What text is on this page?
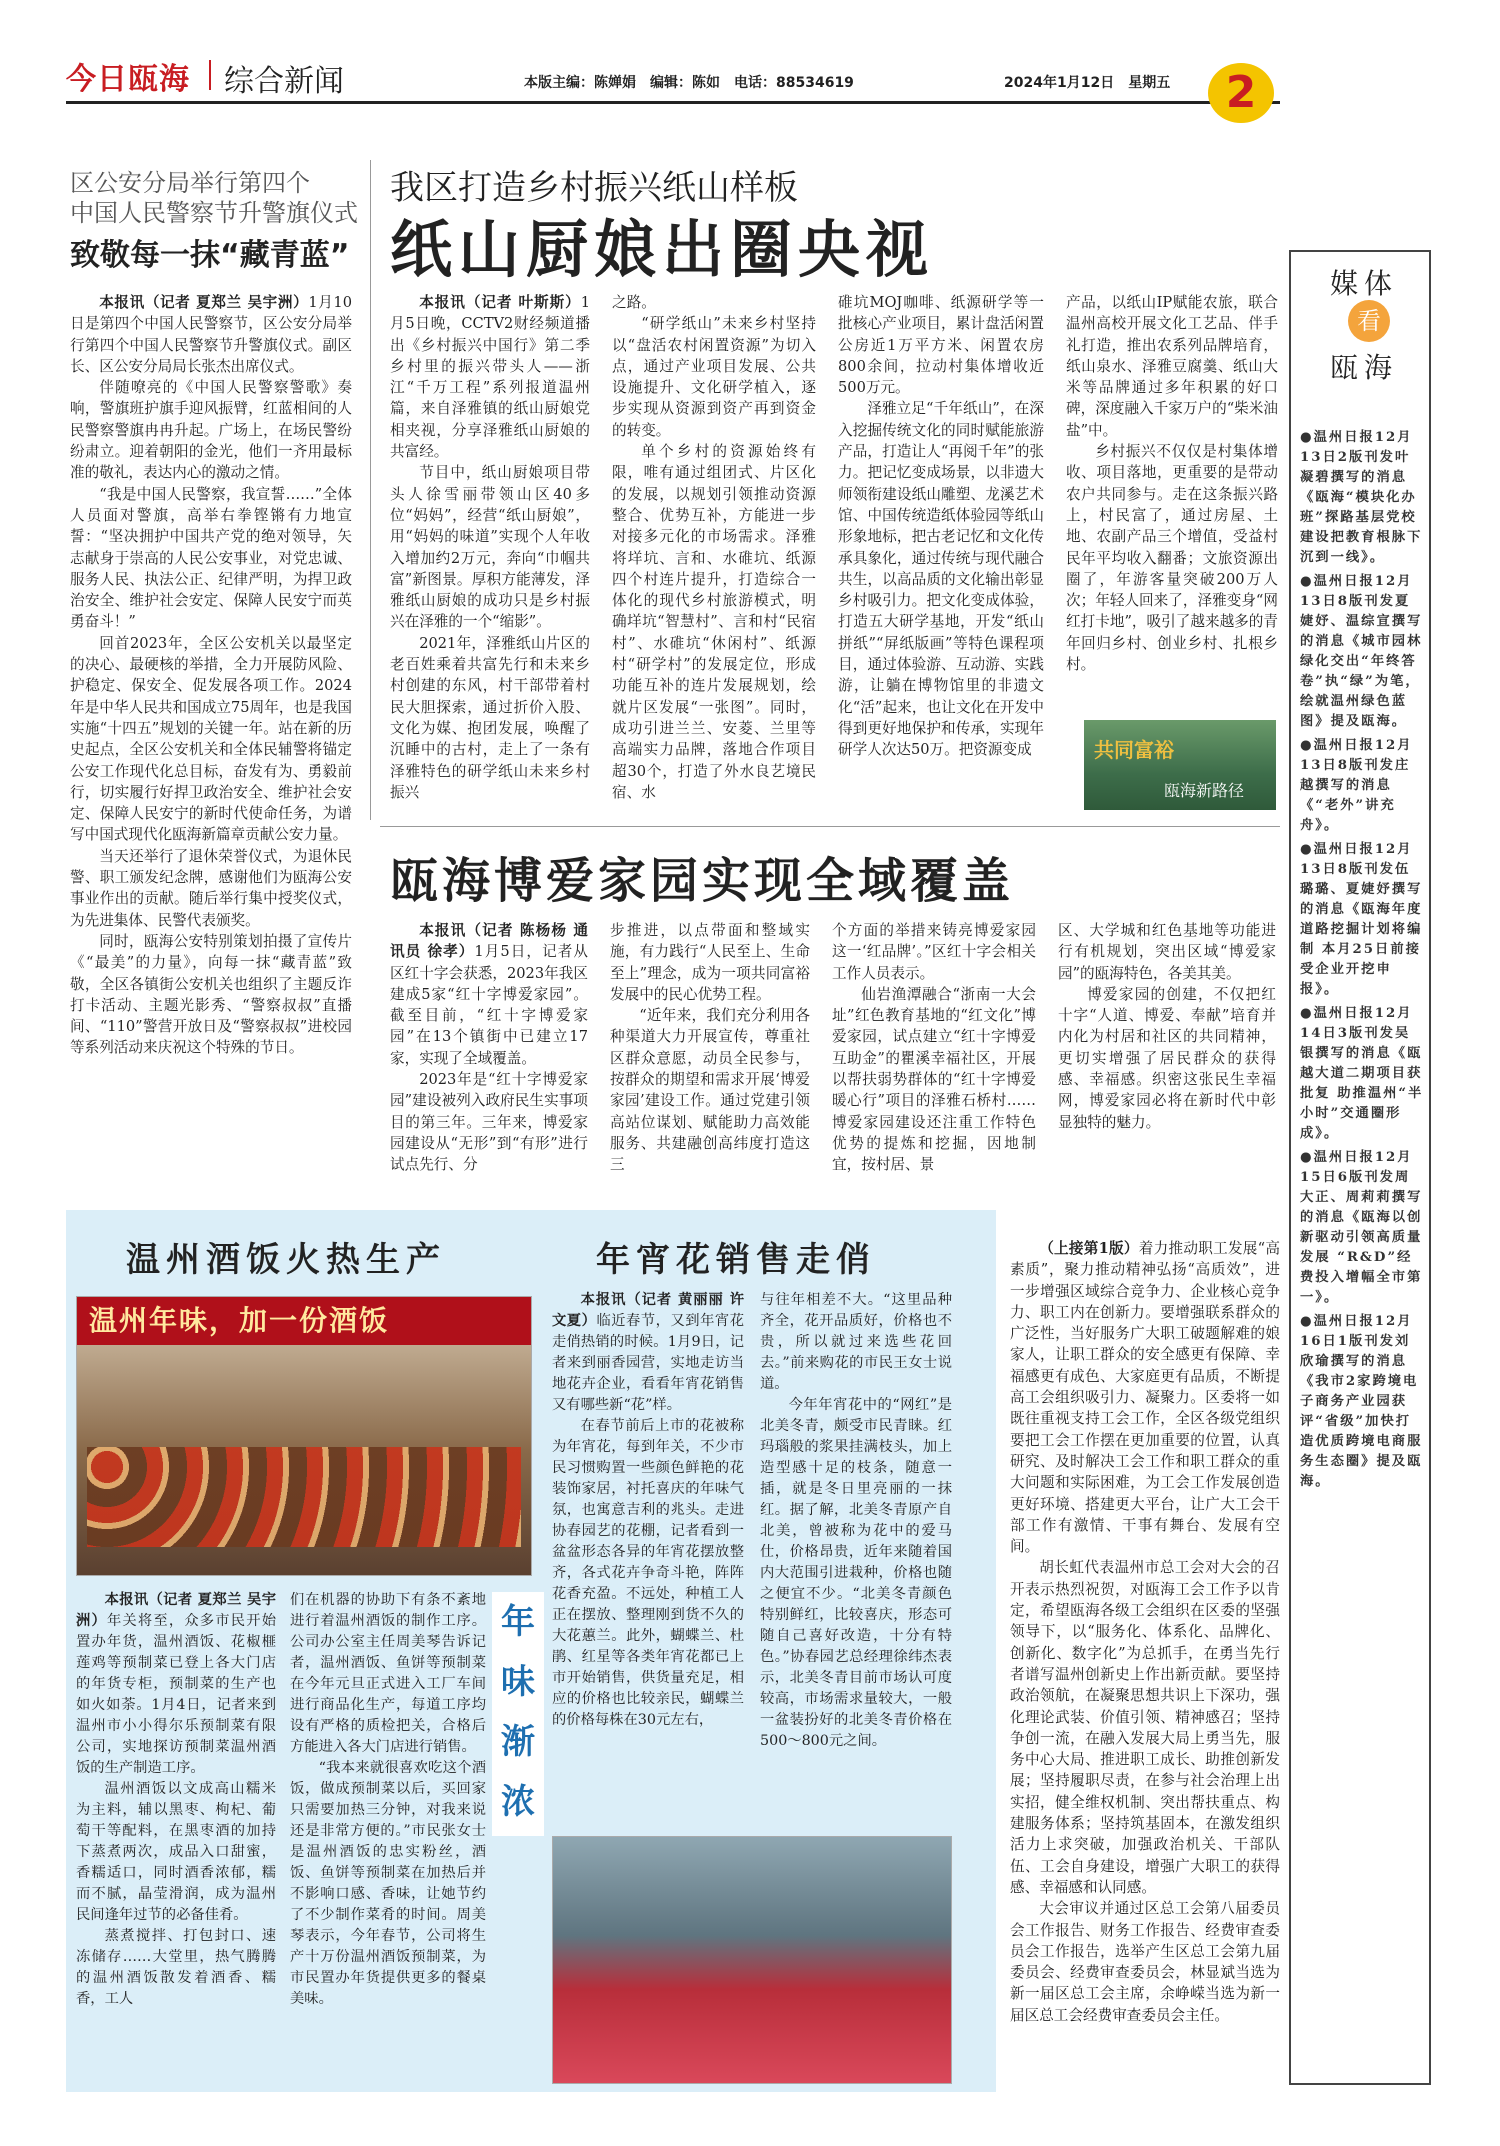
今日瓯海 综合新闻	本版主编：陈婵娟　编辑：陈如　电话：88534619	2024年1月12日　星期五	2
区公安分局举行第四个
中国人民警察节升警旗仪式
致敬每一抹“藏青蓝”

本报讯（记者 夏郑兰 吴宇洲）1月10日是第四个中国人民警察节，区公安分局举行第四个中国人民警察节升警旗仪式。副区长、区公安分局局长张杰出席仪式。

伴随嘹亮的《中国人民警察警歌》奏响，警旗班护旗手迎风振臂，红蓝相间的人民警察警旗冉冉升起。广场上，在场民警纷纷肃立。迎着朝阳的金光，他们一齐用最标准的敬礼，表达内心的激动之情。

“我是中国人民警察，我宣誓……”全体人员面对警旗，高举右拳铿锵有力地宣誓：“坚决拥护中国共产党的绝对领导，矢志献身于崇高的人民公安事业，对党忠诚、服务人民、执法公正、纪律严明，为捍卫政治安全、维护社会安定、保障人民安宁而英勇奋斗！”

回首2023年，全区公安机关以最坚定的决心、最硬核的举措，全力开展防风险、护稳定、保安全、促发展各项工作。2024年是中华人民共和国成立75周年，也是我国实施“十四五”规划的关键一年。站在新的历史起点，全区公安机关和全体民辅警将锚定公安工作现代化总目标，奋发有为、勇毅前行，切实履行好捍卫政治安全、维护社会安定、保障人民安宁的新时代使命任务，为谱写中国式现代化瓯海新篇章贡献公安力量。

当天还举行了退休荣誉仪式，为退休民警、职工颁发纪念牌，感谢他们为瓯海公安事业作出的贡献。随后举行集中授奖仪式，为先进集体、民警代表颁奖。

同时，瓯海公安特别策划拍摄了宣传片《“最美”的力量》，向每一抹“藏青蓝”致敬，全区各镇街公安机关也组织了主题反诈打卡活动、主题光影秀、“警察叔叔”直播间、“110”警营开放日及“警察叔叔”进校园等系列活动来庆祝这个特殊的节日。

我区打造乡村振兴纸山样板
纸山厨娘出圈央视

本报讯（记者 叶斯斯）1月5日晚，CCTV2财经频道播出《乡村振兴中国行》第二季乡村里的振兴带头人——浙江“千万工程”系列报道温州篇，来自泽雅镇的纸山厨娘党相夹视，分享泽雅纸山厨娘的共富经。

节目中，纸山厨娘项目带头人徐雪丽带领山区40多位“妈妈”，经营“纸山厨娘”，用“妈妈的味道”实现个人年收入增加约2万元，奔向“巾帼共富”新图景。厚积方能薄发，泽雅纸山厨娘的成功只是乡村振兴在泽雅的一个“缩影”。

2021年，泽雅纸山片区的老百姓乘着共富先行和未来乡村创建的东风，村干部带着村民大胆探索，通过折价入股、文化为媒、抱团发展，唤醒了沉睡中的古村，走上了一条有泽雅特色的研学纸山未来乡村振兴

之路。

“研学纸山”未来乡村坚持以“盘活农村闲置资源”为切入点，通过产业项目发展、公共设施提升、文化研学植入，逐步实现从资源到资产再到资金的转变。

单个乡村的资源始终有限，唯有通过组团式、片区化的发展，以规划引领推动资源整合、优势互补，方能进一步对接多元化的市场需求。泽雅将垟坑、言和、水碓坑、纸源四个村连片提升，打造综合一体化的现代乡村旅游模式，明确垟坑“智慧村”、言和村“民宿村”、水碓坑“休闲村”、纸源村“研学村”的发展定位，形成功能互补的连片发展规划，绘就片区发展“一张图”。同时，成功引进兰兰、安菱、兰里等高端实力品牌，落地合作项目超30个，打造了外水良艺境民宿、水

碓坑MOJ咖啡、纸源研学等一批核心产业项目，累计盘活闲置公房近1万平方米、闲置农房800余间，拉动村集体增收近500万元。

泽雅立足“千年纸山”，在深入挖掘传统文化的同时赋能旅游产品，打造让人“再阅千年”的张力。把记忆变成场景，以非遗大师领衔建设纸山雕塑、龙溪艺术馆、中国传统造纸体验园等纸山形象地标，把古老记忆和文化传承具象化，通过传统与现代融合共生，以高品质的文化输出彰显乡村吸引力。把文化变成体验，打造五大研学基地，开发“纸山拼纸”“屏纸版画”等特色课程项目，通过体验游、互动游、实践游，让躺在博物馆里的非遗文化“活”起来，也让文化在开发中得到更好地保护和传承，实现年研学人次达50万。把资源变成

产品，以纸山IP赋能农旅，联合温州高校开展文化工艺品、伴手礼打造，推出农系列品牌培育，纸山泉水、泽雅豆腐羹、纸山大米等品牌通过多年积累的好口碑，深度融入千家万户的“柴米油盐”中。

乡村振兴不仅仅是村集体增收、项目落地，更重要的是带动农户共同参与。走在这条振兴路上，村民富了，通过房屋、土地、农副产品三个增值，受益村民年平均收入翻番；文旅资源出圈了，年游客量突破200万人次；年轻人回来了，泽雅变身“网红打卡地”，吸引了越来越多的青年回归乡村、创业乡村、扎根乡村。

共同富裕
瓯海新路径
瓯海博爱家园实现全域覆盖

本报讯（记者 陈杨杨 通讯员 徐孝）1月5日，记者从区红十字会获悉，2023年我区建成5家“红十字博爱家园”。截至目前，“红十字博爱家园”在13个镇街中已建立17家，实现了全域覆盖。

2023年是“红十字博爱家园”建设被列入政府民生实事项目的第三年。三年来，博爱家园建设从“无形”到“有形”进行试点先行、分

步推进，以点带面和整域实施，有力践行“人民至上、生命至上”理念，成为一项共同富裕发展中的民心优势工程。

“近年来，我们充分利用各种渠道大力开展宣传，尊重社区群众意愿，动员全民参与，按群众的期望和需求开展‘博爱家园’建设工作。通过党建引领高站位谋划、赋能助力高效能服务、共建融创高纬度打造这三

个方面的举措来铸亮博爱家园这一‘红品牌’。”区红十字会相关工作人员表示。

仙岩渔潭融合“浙南一大会址”红色教育基地的“红文化”博爱家园，试点建立“红十字博爱互助金”的瞿溪幸福社区，开展以帮扶弱势群体的“红十字博爱暖心行”项目的泽雅石桥村……博爱家园建设还注重工作特色优势的提炼和挖掘，因地制宜，按村居、景

区、大学城和红色基地等功能进行有机规划，突出区域“博爱家园”的瓯海特色，各美其美。

博爱家园的创建，不仅把红十字“人道、博爱、奉献”培育并内化为村居和社区的共同精神，更切实增强了居民群众的获得感、幸福感。织密这张民生幸福网，博爱家园必将在新时代中彰显独特的魅力。

媒体
看
瓯海
●温州日报12月13日2版刊发叶凝碧撰写的消息《瓯海“模块化办班”探路基层党校建设把教育根脉下沉到一线》。
●温州日报12月13日8版刊发夏婕妤、温综宣撰写的消息《城市园林绿化交出“年终答卷”执“绿”为笔，绘就温州绿色蓝图》提及瓯海。
●温州日报12月13日8版刊发庄越撰写的消息《“老外”讲充舟》。
●温州日报12月13日8版刊发伍璐璐、夏婕妤撰写的消息《瓯海年度道路挖掘计划将编制 本月25日前接受企业开挖申报》。
●温州日报12月14日3版刊发吴银撰写的消息《瓯越大道二期项目获批复 助推温州“半小时”交通圈形成》。
●温州日报12月15日6版刊发周大正、周莉莉撰写的消息《瓯海以创新驱动引领高质量发展 “R&D”经费投入增幅全市第一》。
●温州日报12月16日1版刊发刘欣瑜撰写的消息《我市2家跨境电子商务产业园获评“省级”加快打造优质跨境电商服务生态圈》提及瓯海。
温州酒饭火热生产	年宵花销售走俏
温州年味，加一份酒饭

本报讯（记者 夏郑兰 吴宇洲）年关将至，众多市民开始置办年货，温州酒饭、花椒榧莲鸡等预制菜已登上各大门店的年货专柜，预制菜的生产也如火如荼。1月4日，记者来到温州市小小得尔乐预制菜有限公司，实地探访预制菜温州酒饭的生产制造工序。

温州酒饭以文成高山糯米为主料，辅以黑枣、枸杞、葡萄干等配料，在黑枣酒的加持下蒸煮两次，成品入口甜蜜，香糯适口，同时酒香浓郁，糯而不腻，晶莹滑润，成为温州民间逢年过节的必备佳肴。

蒸煮搅拌、打包封口、速冻储存……大堂里，热气腾腾的温州酒饭散发着酒香、糯香，工人

们在机器的协助下有条不紊地进行着温州酒饭的制作工序。公司办公室主任周美琴告诉记者，温州酒饭、鱼饼等预制菜在今年元旦正式进入工厂车间进行商品化生产，每道工序均设有严格的质检把关，合格后方能进入各大门店进行销售。

“我本来就很喜欢吃这个酒饭，做成预制菜以后，买回家只需要加热三分钟，对我来说还是非常方便的。”市民张女士是温州酒饭的忠实粉丝，酒饭、鱼饼等预制菜在加热后并不影响口感、香味，让她节约了不少制作菜肴的时间。周美琴表示，今年春节，公司将生产十万份温州酒饭预制菜，为市民置办年货提供更多的餐桌美味。

年
味
渐
浓

本报讯（记者 黄丽丽 许文夏）临近春节，又到年宵花走俏热销的时候。1月9日，记者来到丽香园营，实地走访当地花卉企业，看看年宵花销售又有哪些新“花”样。

在春节前后上市的花被称为年宵花，每到年关，不少市民习惯购置一些颜色鲜艳的花装饰家居，衬托喜庆的年味气氛，也寓意吉利的兆头。走进协春园艺的花棚，记者看到一盆盆形态各异的年宵花摆放整齐，各式花卉争奇斗艳，阵阵花香充盈。不远处，种植工人正在摆放、整理刚到货不久的大花蕙兰。此外，蝴蝶兰、杜鹃、红星等各类年宵花都已上市开始销售，供货量充足，相应的价格也比较亲民，蝴蝶兰的价格每株在30元左右，

与往年相差不大。“这里品种齐全，花开品质好，价格也不贵，所以就过来选些花回去。”前来购花的市民王女士说道。

今年年宵花中的“网红”是北美冬青，颇受市民青睐。红玛瑙般的浆果挂满枝头，加上造型感十足的枝条，随意一插，就是冬日里亮丽的一抹红。据了解，北美冬青原产自北美，曾被称为花中的爱马仕，价格昂贵，近年来随着国内大范围引进栽种，价格也随之便宜不少。“北美冬青颜色特别鲜红，比较喜庆，形态可随自己喜好改造，十分有特色。”协春园艺总经理徐纬杰表示，北美冬青目前市场认可度较高，市场需求量较大，一般一盆装扮好的北美冬青价格在500～800元之间。

（上接第1版）着力推动职工发展“高素质”，聚力推动精神弘扬“高质效”，进一步增强区域综合竞争力、企业核心竞争力、职工内在创新力。要增强联系群众的广泛性，当好服务广大职工破题解难的娘家人，让职工群众的安全感更有保障、幸福感更有成色、大家庭更有品质，不断提高工会组织吸引力、凝聚力。区委将一如既往重视支持工会工作，全区各级党组织要把工会工作摆在更加重要的位置，认真研究、及时解决工会工作和职工群众的重大问题和实际困难，为工会工作发展创造更好环境、搭建更大平台，让广大工会干部工作有激情、干事有舞台、发展有空间。

胡长虹代表温州市总工会对大会的召开表示热烈祝贺，对瓯海工会工作予以肯定，希望瓯海各级工会组织在区委的坚强领导下，以“服务化、体系化、品牌化、创新化、数字化”为总抓手，在勇当先行者谱写温州创新史上作出新贡献。要坚持政治领航，在凝聚思想共识上下深功，强化理论武装、价值引领、精神感召；坚持争创一流，在融入发展大局上勇当先，服务中心大局、推进职工成长、助推创新发展；坚持履职尽责，在参与社会治理上出实招，健全维权机制、突出帮扶重点、构建服务体系；坚持筑基固本，在激发组织活力上求突破，加强政治机关、干部队伍、工会自身建设，增强广大职工的获得感、幸福感和认同感。

大会审议并通过区总工会第八届委员会工作报告、财务工作报告、经费审查委员会工作报告，选举产生区总工会第九届委员会、经费审查委员会，林显斌当选为新一届区总工会主席，余峥嵘当选为新一届区总工会经费审查委员会主任。
